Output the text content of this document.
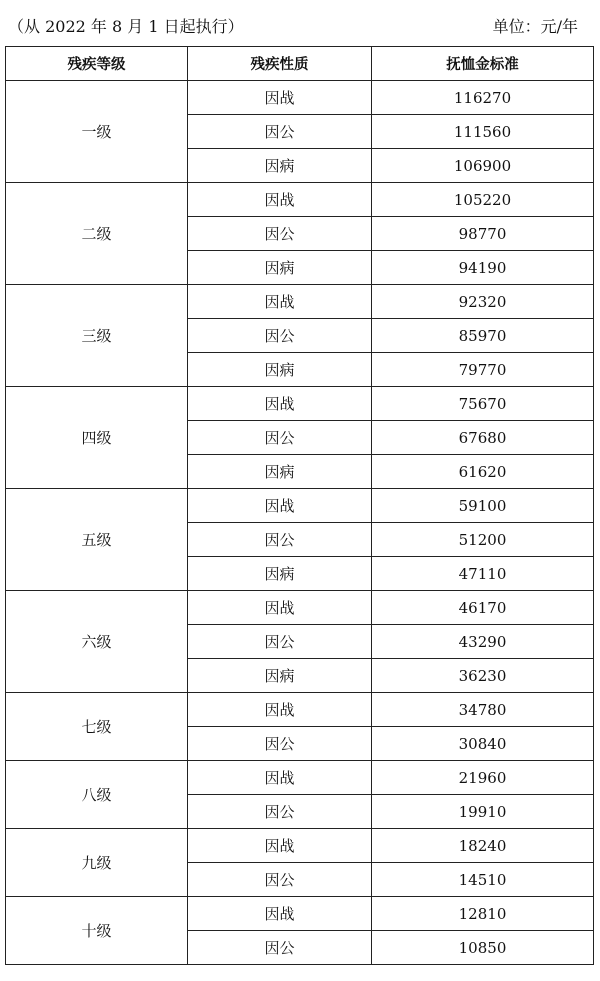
（从 2022 年 8 月 1 日起执行）	单位：元/年
残疾等级	残疾性质	抚恤金标准
一级	因战	116270
	因公	111560
	因病	106900
二级	因战	105220
	因公	98770
	因病	94190
三级	因战	92320
	因公	85970
	因病	79770
四级	因战	75670
	因公	67680
	因病	61620
五级	因战	59100
	因公	51200
	因病	47110
六级	因战	46170
	因公	43290
	因病	36230
七级	因战	34780
	因公	30840
八级	因战	21960
	因公	19910
九级	因战	18240
	因公	14510
十级	因战	12810
	因公	10850
